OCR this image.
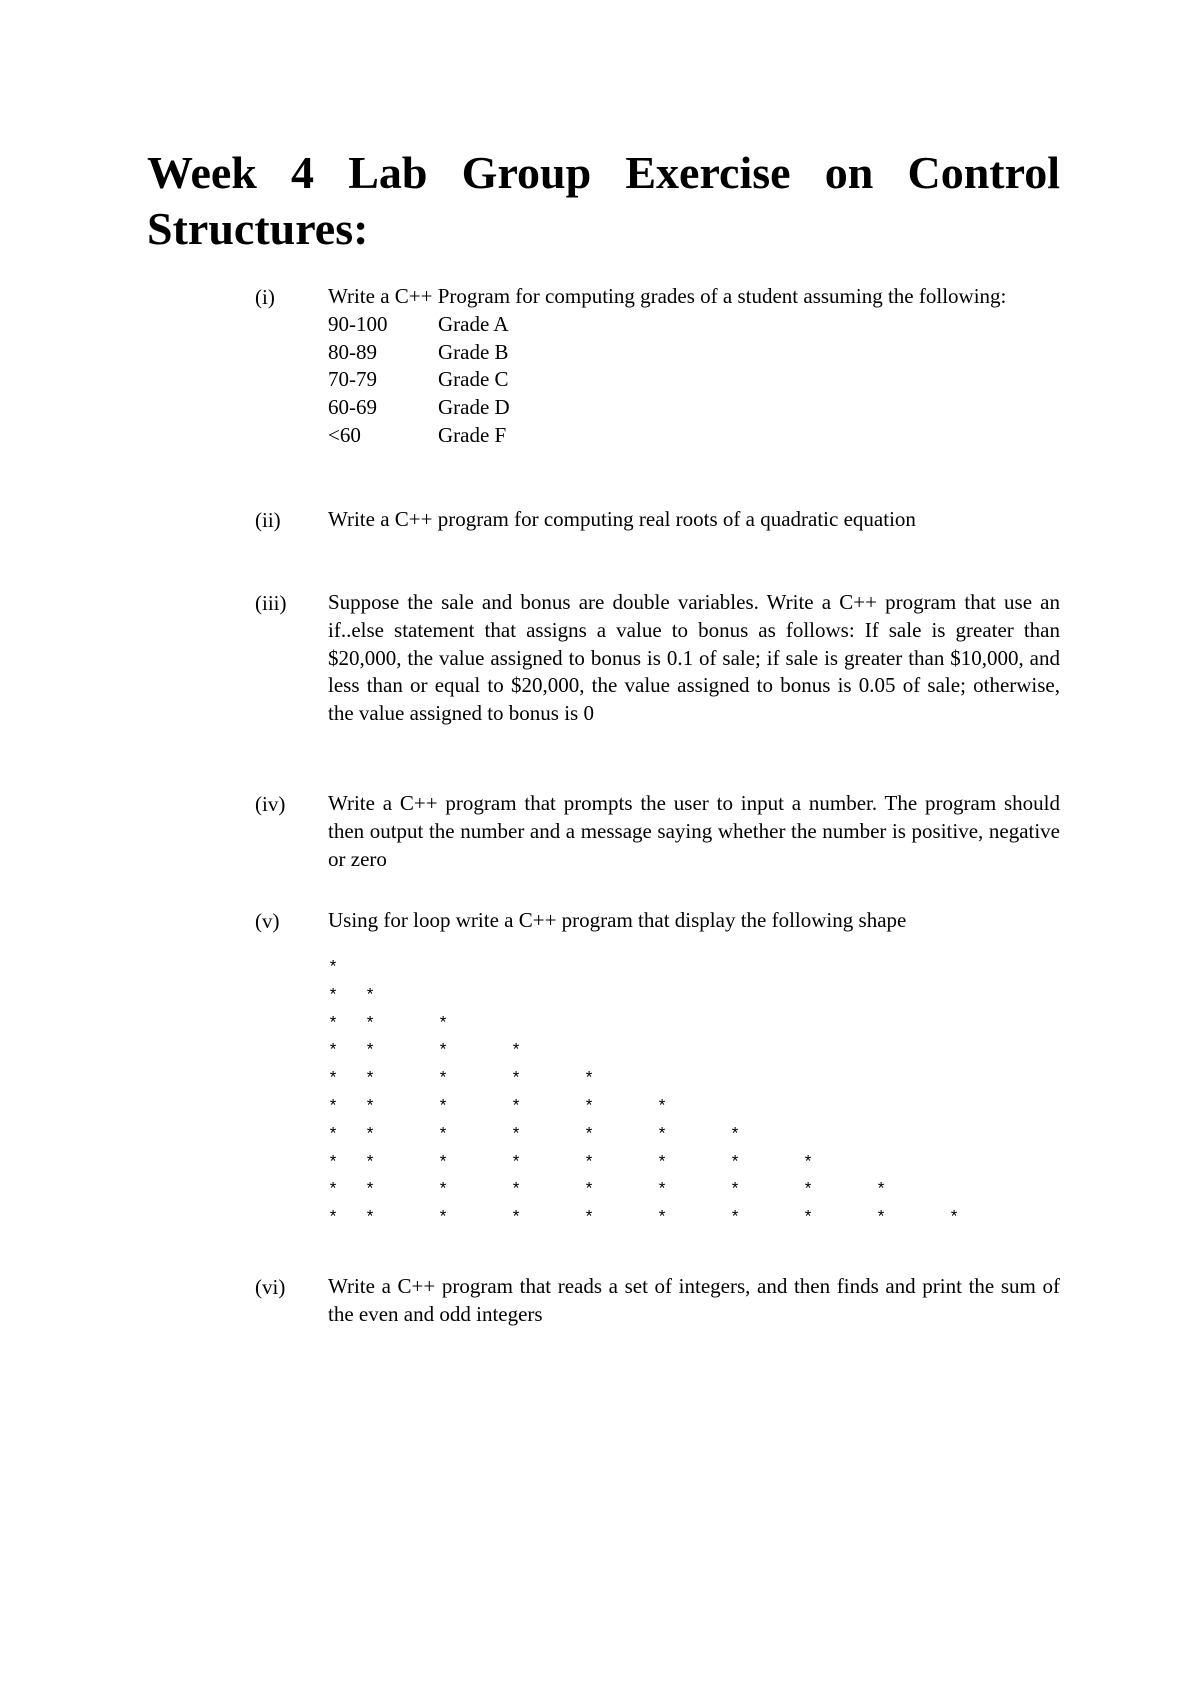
Week 4 Lab Group Exercise on Control
Structures:
(i)	Write a C++ Program for computing grades of a student assuming the following:
90-100	Grade A
80-89	Grade B
70-79	Grade C
60-69	Grade D
<60	Grade F
(ii) Write a C++ program for computing real roots of a quadratic equation
(iii) Suppose the sale and bonus are double variables. Write a C++ program that use an if..else statement that assigns a value to bonus as follows: If sale is greater than $20,000, the value assigned to bonus is 0.1 of sale; if sale is greater than $10,000, and less than or equal to $20,000, the value assigned to bonus is 0.05 of sale; otherwise, the value assigned to bonus is 0
(iv) Write a C++ program that prompts the user to input a number. The program should then output the number and a message saying whether the number is positive, negative or zero
(v) Using for loop write a C++ program that display the following shape
*
* *
* *	*
* *	*	*
* *	*	*	*
* *	*	*	*	*
* *	*	*	*	*	*
* *	*	*	*	*	*	*
* *	*	*	*	*	*	*	*
* *	*	*	*	*	*	*	*	*
(vi) Write a C++ program that reads a set of integers, and then finds and print the sum of the even and odd integers
